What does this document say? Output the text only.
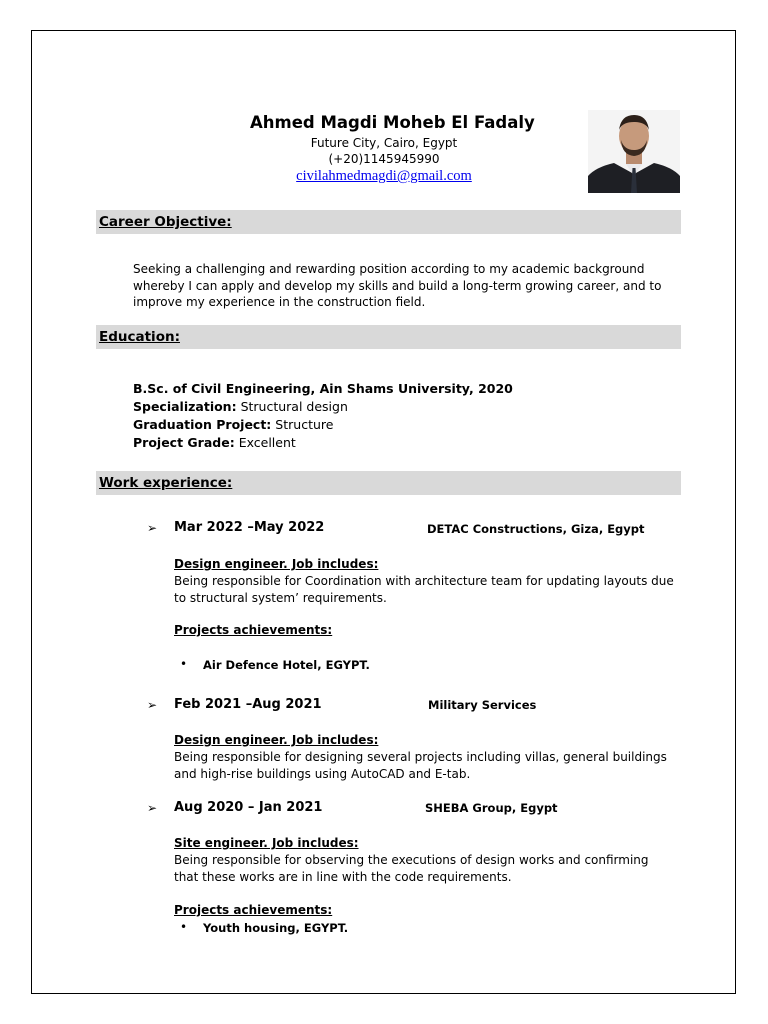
Ahmed Magdi Moheb El Fadaly
Future City, Cairo, Egypt
(+20)1145945990
civilahmedmagdi@gmail.com
Career Objective:
Seeking a challenging and rewarding position according to my academic background whereby I can apply and develop my skills and build a long-term growing career, and to improve my experience in the construction field.
Education:
B.Sc. of Civil Engineering, Ain Shams University, 2020
Specialization: Structural design
Graduation Project: Structure
Project Grade: Excellent
Work experience:
➢ Mar 2022 –May 2022	DETAC Constructions, Giza, Egypt
Design engineer. Job includes:
Being responsible for Coordination with architecture team for updating layouts due to structural system’ requirements.
Projects achievements:
• Air Defence Hotel, EGYPT.
➢ Feb 2021 –Aug 2021	Military Services
Design engineer. Job includes:
Being responsible for designing several projects including villas, general buildings and high-rise buildings using AutoCAD and E-tab.
➢ Aug 2020 – Jan 2021	SHEBA Group, Egypt
Site engineer. Job includes:
Being responsible for observing the executions of design works and confirming that these works are in line with the code requirements.
Projects achievements:
• Youth housing, EGYPT.
